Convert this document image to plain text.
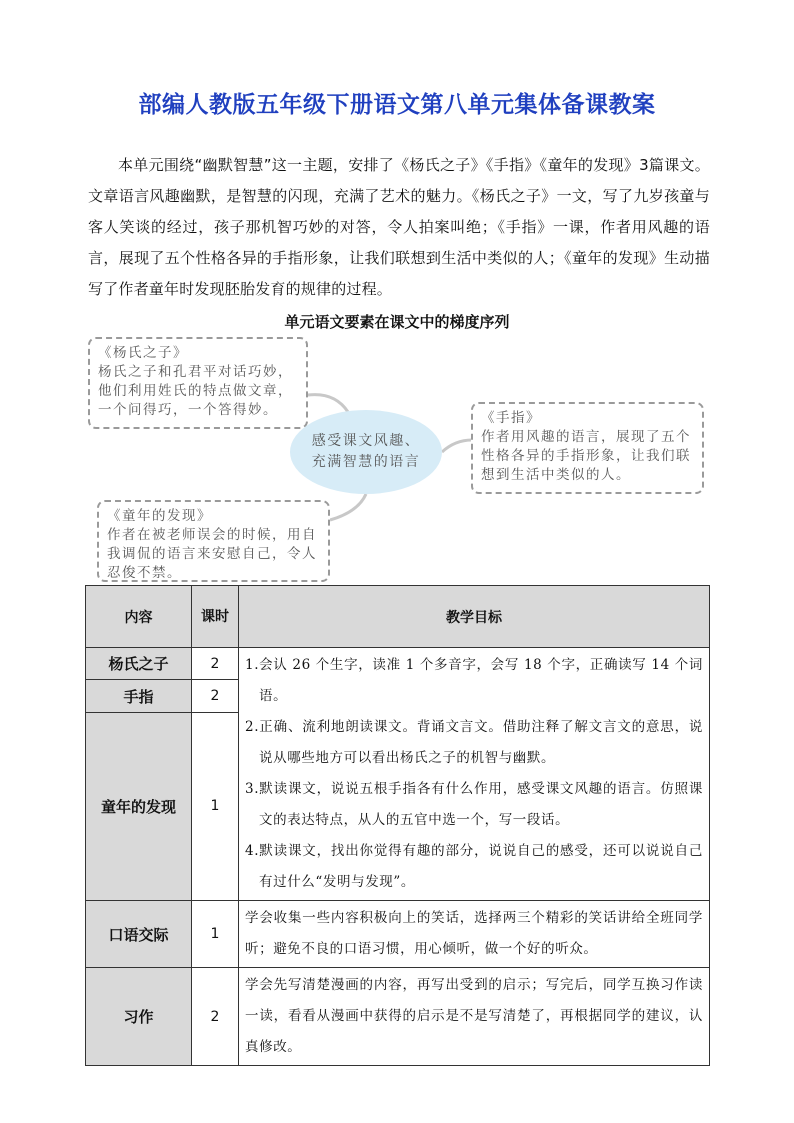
部编人教版五年级下册语文第八单元集体备课教案
本单元围绕“幽默智慧”这一主题，安排了《杨氏之子》《手指》《童年的发现》3篇课文。文章语言风趣幽默，是智慧的闪现，充满了艺术的魅力。《杨氏之子》一文，写了九岁孩童与客人笑谈的经过，孩子那机智巧妙的对答，令人拍案叫绝；《手指》一课，作者用风趣的语言，展现了五个性格各异的手指形象，让我们联想到生活中类似的人；《童年的发现》生动描写了作者童年时发现胚胎发育的规律的过程。
单元语文要素在课文中的梯度序列
《杨氏之子》
杨氏之子和孔君平对话巧妙，
他们利用姓氏的特点做文章，
一个问得巧，一个答得妙。	《手指》
作者用风趣的语言，展现了五个
性格各异的手指形象，让我们联
想到生活中类似的人。
《童年的发现》
作者在被老师误会的时候，用自
我调侃的语言来安慰自己，令人
忍俊不禁。
感受课文风趣、
充满智慧的语言
内容	课时	教学目标
杨氏之子	2	1.会认 26 个生字，读准 1 个多音字，会写 18 个字，正确读写 14 个词语。
2.正确、流利地朗读课文。背诵文言文。借助注释了解文言文的意思，说说从哪些地方可以看出杨氏之子的机智与幽默。
3.默读课文，说说五根手指各有什么作用，感受课文风趣的语言。仿照课文的表达特点，从人的五官中选一个，写一段话。
4.默读课文，找出你觉得有趣的部分，说说自己的感受，还可以说说自己有过什么“发明与发现”。

手指	2	
童年的发现	1	
口语交际	1	学会收集一些内容积极向上的笑话，选择两三个精彩的笑话讲给全班同学听；避免不良的口语习惯，用心倾听，做一个好的听众。

习作	2	学会先写清楚漫画的内容，再写出受到的启示；写完后，同学互换习作读一读，看看从漫画中获得的启示是不是写清楚了，再根据同学的建议，认真修改。
